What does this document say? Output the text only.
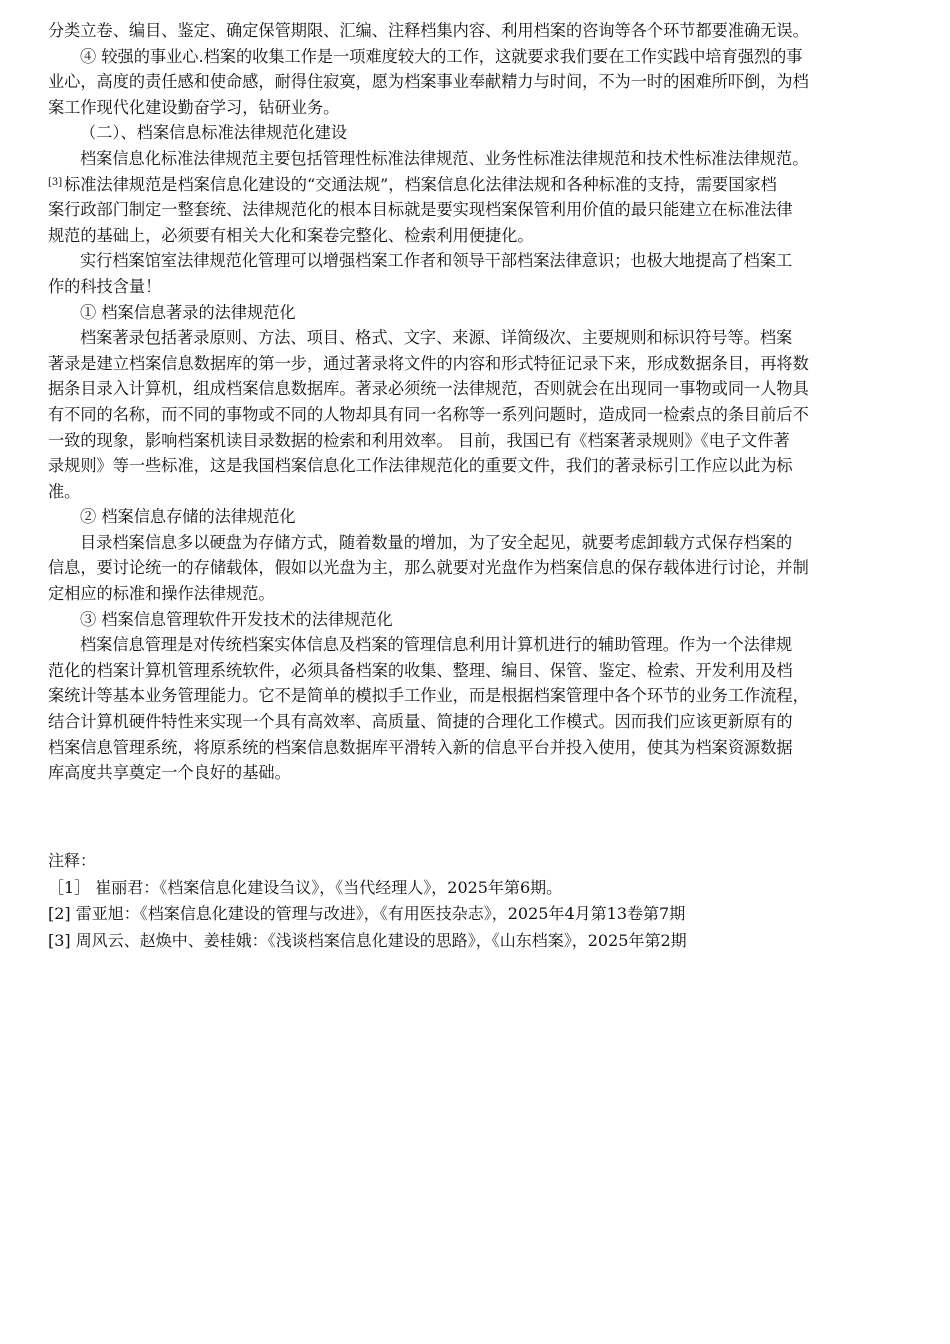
分类立卷、编目、鉴定、确定保管期限、汇编、注释档集内容、利用档案的咨询等各个环节都要准确无误。
④ 较强的事业心.档案的收集工作是一项难度较大的工作，这就要求我们要在工作实践中培育强烈的事
业心，高度的责任感和使命感，耐得住寂寞，愿为档案事业奉献精力与时间，不为一时的困难所吓倒，为档
案工作现代化建设勤奋学习，钻研业务。
（二）、档案信息标准法律规范化建设
档案信息化标准法律规范主要包括管理性标准法律规范、业务性标准法律规范和技术性标准法律规范。
[3] 标准法律规范是档案信息化建设的“交通法规”，档案信息化法律法规和各种标准的支持，需要国家档
案行政部门制定一整套统、法律规范化的根本目标就是要实现档案保管利用价值的最只能建立在标准法律
规范的基础上，必须要有相关大化和案卷完整化、检索利用便捷化。
实行档案馆室法律规范化管理可以增强档案工作者和领导干部档案法律意识；也极大地提高了档案工
作的科技含量！
① 档案信息著录的法律规范化
档案著录包括著录原则、方法、项目、格式、文字、来源、详简级次、主要规则和标识符号等。档案
著录是建立档案信息数据库的第一步，通过著录将文件的内容和形式特征记录下来，形成数据条目，再将数
据条目录入计算机，组成档案信息数据库。著录必须统一法律规范，否则就会在出现同一事物或同一人物具
有不同的名称，而不同的事物或不同的人物却具有同一名称等一系列问题时，造成同一检索点的条目前后不
一致的现象，影响档案机读目录数据的检索和利用效率。 目前，我国已有《档案著录规则》《电子文件著
录规则》等一些标准，这是我国档案信息化工作法律规范化的重要文件，我们的著录标引工作应以此为标
准。
② 档案信息存储的法律规范化
目录档案信息多以硬盘为存储方式，随着数量的增加，为了安全起见，就要考虑卸载方式保存档案的
信息，要讨论统一的存储载体，假如以光盘为主，那么就要对光盘作为档案信息的保存载体进行讨论，并制
定相应的标准和操作法律规范。
③ 档案信息管理软件开发技术的法律规范化
档案信息管理是对传统档案实体信息及档案的管理信息利用计算机进行的辅助管理。作为一个法律规
范化的档案计算机管理系统软件，必须具备档案的收集、整理、编目、保管、鉴定、检索、开发利用及档
案统计等基本业务管理能力。它不是简单的模拟手工作业，而是根据档案管理中各个环节的业务工作流程，
结合计算机硬件特性来实现一个具有高效率、高质量、简捷的合理化工作模式。因而我们应该更新原有的
档案信息管理系统，将原系统的档案信息数据库平滑转入新的信息平台并投入使用，使其为档案资源数据
库高度共享奠定一个良好的基础。
注释：
［1］ 崔丽君：《档案信息化建设刍议》，《当代经理人》，2025年第6期。
[2] 雷亚旭：《档案信息化建设的管理与改进》，《有用医技杂志》，2025年4月第13卷第7期
[3] 周风云、赵焕中、姜桂娥：《浅谈档案信息化建设的思路》，《山东档案》，2025年第2期
